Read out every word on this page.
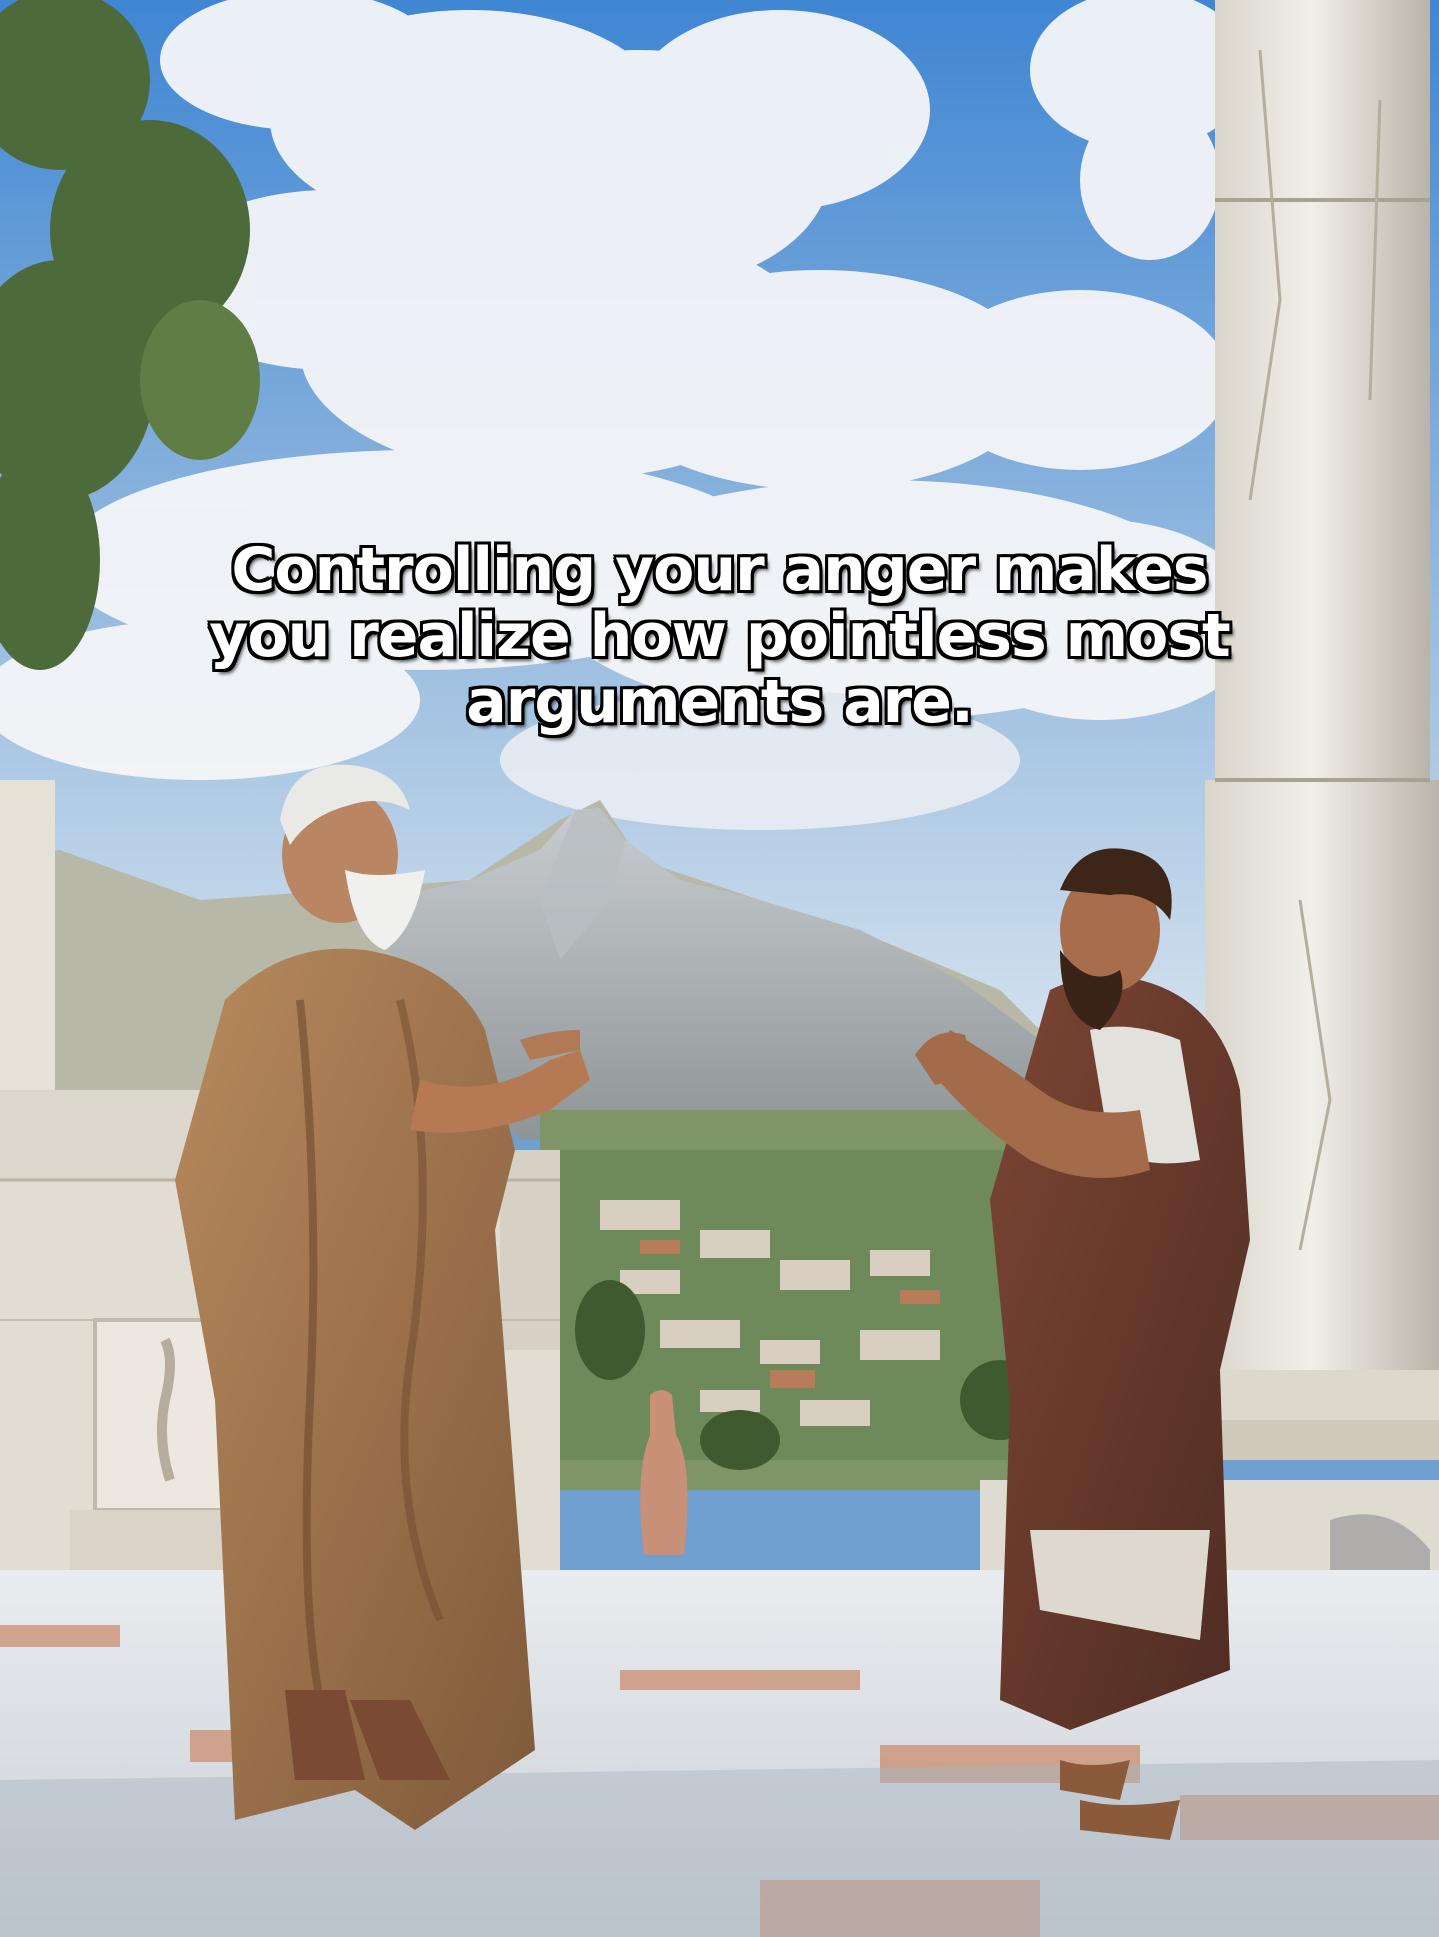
Controlling your anger makes
you realize how pointless most
arguments are.
